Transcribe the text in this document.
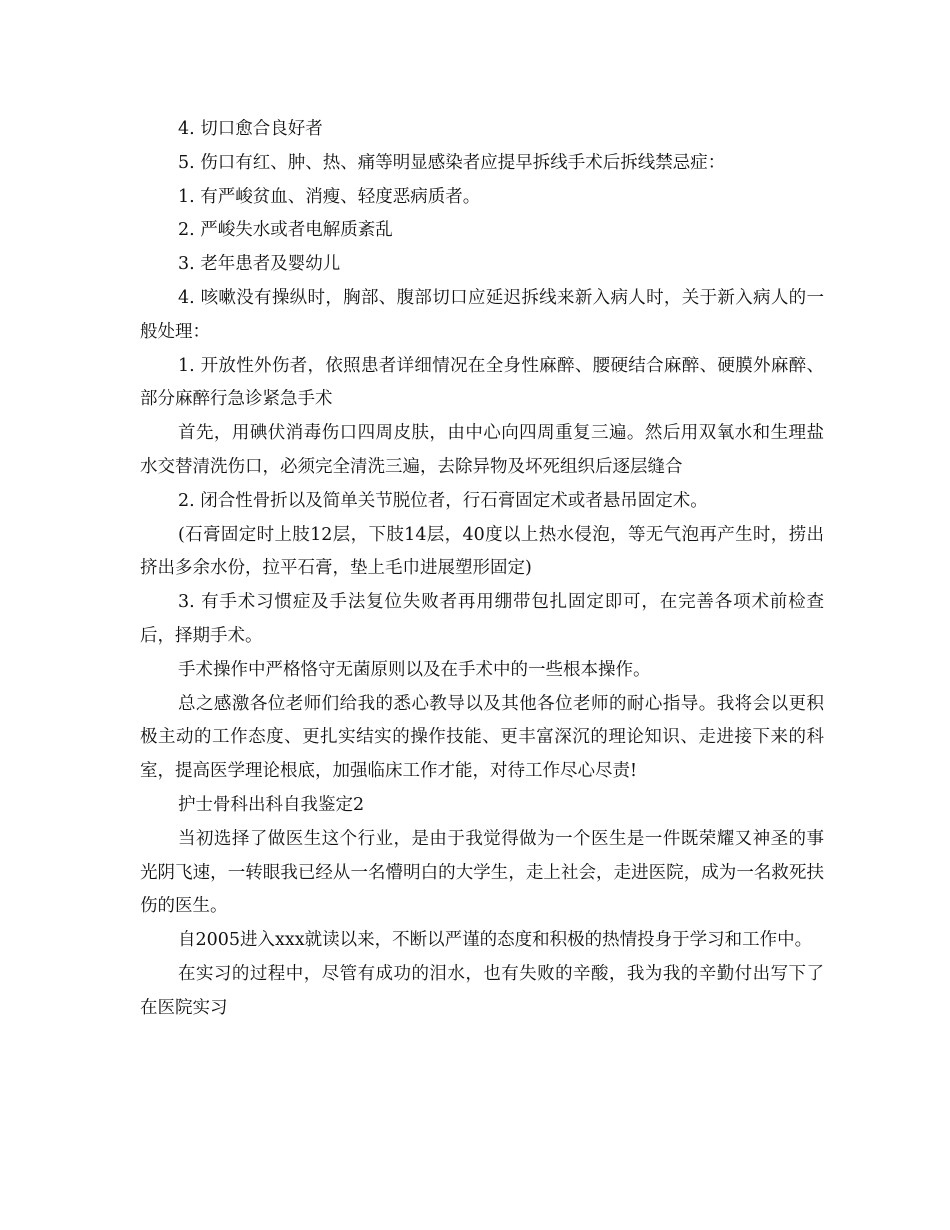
4. 切口愈合良好者

5. 伤口有红、肿、热、痛等明显感染者应提早拆线手术后拆线禁忌症：

1. 有严峻贫血、消瘦、轻度恶病质者。

2. 严峻失水或者电解质紊乱

3. 老年患者及婴幼儿

4. 咳嗽没有操纵时，胸部、腹部切口应延迟拆线来新入病人时，关于新入病人的一般处理：

1. 开放性外伤者，依照患者详细情况在全身性麻醉、腰硬结合麻醉、硬膜外麻醉、部分麻醉行急诊紧急手术

首先，用碘伏消毒伤口四周皮肤，由中心向四周重复三遍。然后用双氧水和生理盐水交替清洗伤口，必须完全清洗三遍，去除异物及坏死组织后逐层缝合

2. 闭合性骨折以及简单关节脱位者，行石膏固定术或者悬吊固定术。

(石膏固定时上肢12层，下肢14层，40度以上热水侵泡，等无气泡再产生时，捞出挤出多余水份，拉平石膏，垫上毛巾进展塑形固定)

3. 有手术习惯症及手法复位失败者再用绷带包扎固定即可，在完善各项术前检查后，择期手术。

手术操作中严格恪守无菌原则以及在手术中的一些根本操作。

总之感激各位老师们给我的悉心教导以及其他各位老师的耐心指导。我将会以更积极主动的工作态度、更扎实结实的操作技能、更丰富深沉的理论知识、走进接下来的科室，提高医学理论根底，加强临床工作才能，对待工作尽心尽责!

护士骨科出科自我鉴定2

当初选择了做医生这个行业，是由于我觉得做为一个医生是一件既荣耀又神圣的事光阴飞速，一转眼我已经从一名懵明白的大学生，走上社会，走进医院，成为一名救死扶伤的医生。

自2005进入xxx就读以来，不断以严谨的态度和积极的热情投身于学习和工作中。

在实习的过程中，尽管有成功的泪水，也有失败的辛酸，我为我的辛勤付出写下了在医院实习
